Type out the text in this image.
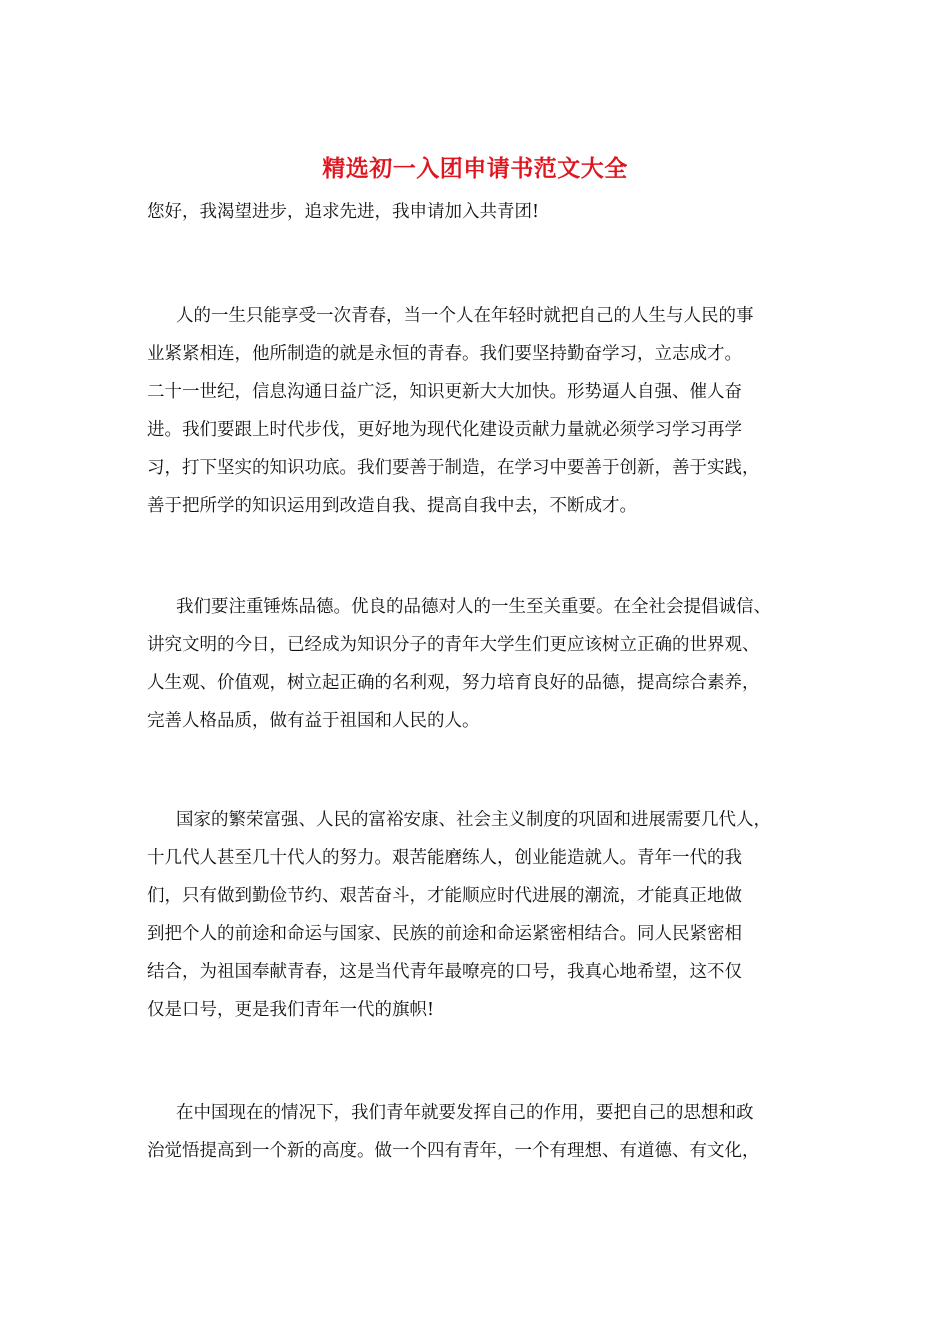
精选初一入团申请书范文大全

您好，我渴望进步，追求先进，我申请加入共青团!

人的一生只能享受一次青春，当一个人在年轻时就把自己的人生与人民的事
业紧紧相连，他所制造的就是永恒的青春。我们要坚持勤奋学习，立志成才。
二十一世纪，信息沟通日益广泛，知识更新大大加快。形势逼人自强、催人奋
进。我们要跟上时代步伐，更好地为现代化建设贡献力量就必须学习学习再学
习，打下坚实的知识功底。我们要善于制造，在学习中要善于创新，善于实践，
善于把所学的知识运用到改造自我、提高自我中去，不断成才。
我们要注重锤炼品德。优良的品德对人的一生至关重要。在全社会提倡诚信、
讲究文明的今日，已经成为知识分子的青年大学生们更应该树立正确的世界观、
人生观、价值观，树立起正确的名利观，努力培育良好的品德，提高综合素养，
完善人格品质，做有益于祖国和人民的人。
国家的繁荣富强、人民的富裕安康、社会主义制度的巩固和进展需要几代人，
十几代人甚至几十代人的努力。艰苦能磨练人，创业能造就人。青年一代的我
们，只有做到勤俭节约、艰苦奋斗，才能顺应时代进展的潮流，才能真正地做
到把个人的前途和命运与国家、民族的前途和命运紧密相结合。同人民紧密相
结合，为祖国奉献青春，这是当代青年最嘹亮的口号，我真心地希望，这不仅
仅是口号，更是我们青年一代的旗帜!
在中国现在的情况下，我们青年就要发挥自己的作用，要把自己的思想和政
治觉悟提高到一个新的高度。做一个四有青年，一个有理想、有道德、有文化，
